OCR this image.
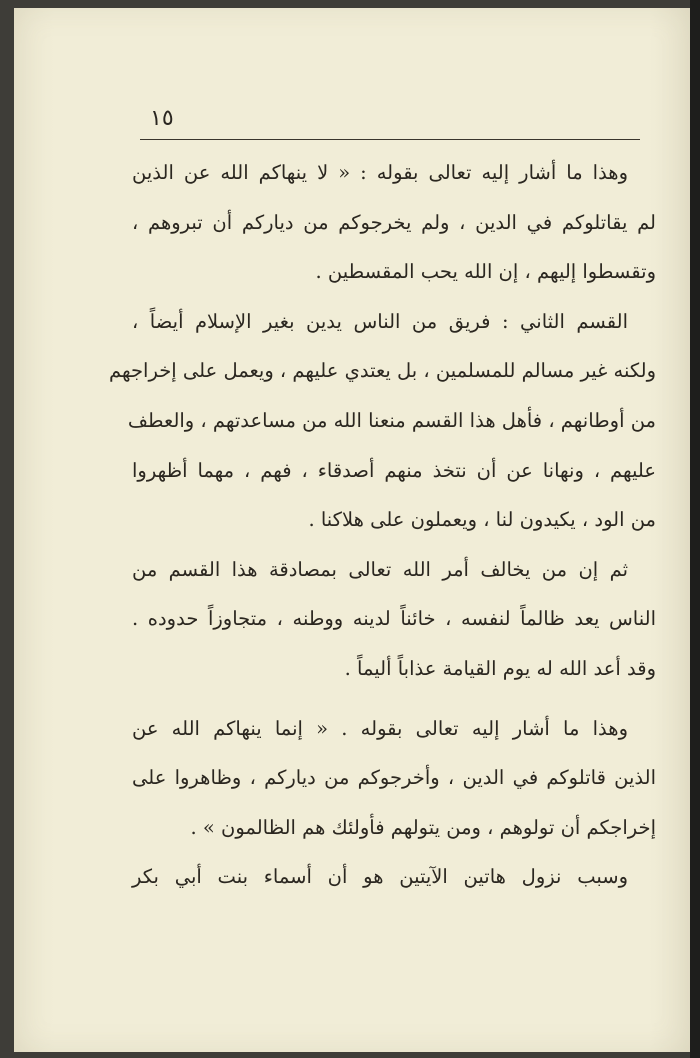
١٥
وهذا ما أشار إليه تعالى بقوله : « لا ينهاكم الله عن الذين
لم يقاتلوكم في الدين ، ولم يخرجوكم من دياركم أن تبروهم ،
وتقسطوا إليهم ، إن الله يحب المقسطين .
القسم الثاني : فريق من الناس يدين بغير الإسلام أيضاً ،
ولكنه غير مسالم للمسلمين ، بل يعتدي عليهم ، ويعمل على إخراجهم
من أوطانهم ، فأهل هذا القسم منعنا الله من مساعدتهم ، والعطف
عليهم ، ونهانا عن أن نتخذ منهم أصدقاء ، فهم ، مهما أظهروا
من الود ، يكيدون لنا ، ويعملون على هلاكنا .
ثم إن من يخالف أمر الله تعالى بمصادقة هذا القسم من
الناس يعد ظالماً لنفسه ، خائناً لدينه ووطنه ، متجاوزاً حدوده .
وقد أعد الله له يوم القيامة عذاباً أليماً .
وهذا ما أشار إليه تعالى بقوله . « إنما ينهاكم الله عن
الذين قاتلوكم في الدين ، وأخرجوكم من دياركم ، وظاهروا على
إخراجكم أن تولوهم ، ومن يتولهم فأولئك هم الظالمون » .
وسبب نزول هاتين الآيتين هو أن أسماء بنت أبي بكر
